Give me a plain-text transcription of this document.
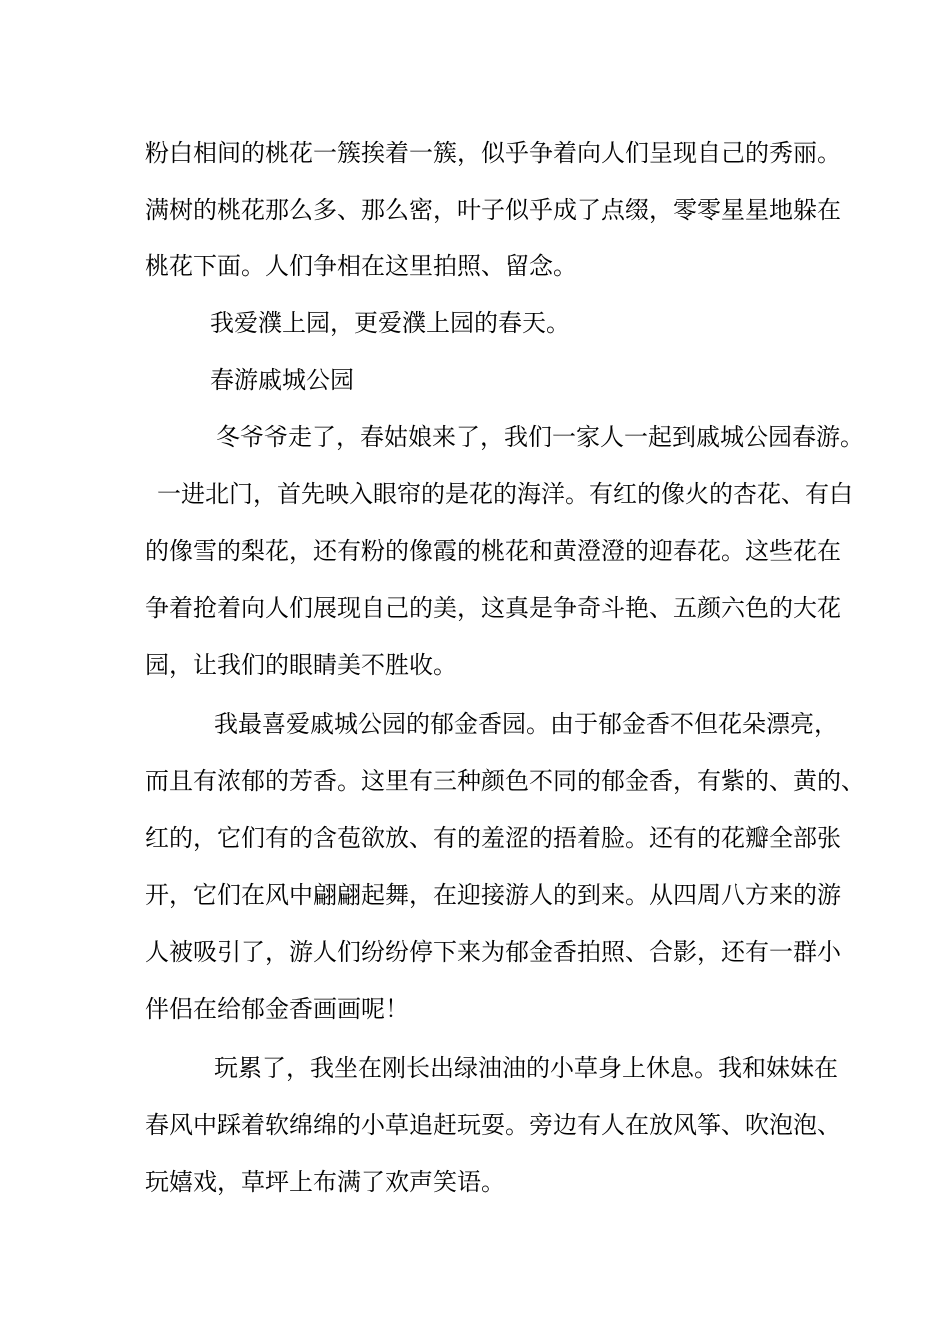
粉白相间的桃花一簇挨着一簇，似乎争着向人们呈现自己的秀丽。
满树的桃花那么多、那么密，叶子似乎成了点缀，零零星星地躲在
桃花下面。人们争相在这里拍照、留念。
我爱濮上园，更爱濮上园的春天。
春游戚城公园
冬爷爷走了，春姑娘来了，我们一家人一起到戚城公园春游。
一进北门，首先映入眼帘的是花的海洋。有红的像火的杏花、有白
的像雪的梨花，还有粉的像霞的桃花和黄澄澄的迎春花。这些花在
争着抢着向人们展现自己的美，这真是争奇斗艳、五颜六色的大花
园，让我们的眼睛美不胜收。
我最喜爱戚城公园的郁金香园。由于郁金香不但花朵漂亮，
而且有浓郁的芳香。这里有三种颜色不同的郁金香，有紫的、黄的、
红的，它们有的含苞欲放、有的羞涩的捂着脸。还有的花瓣全部张
开，它们在风中翩翩起舞，在迎接游人的到来。从四周八方来的游
人被吸引了，游人们纷纷停下来为郁金香拍照、合影，还有一群小
伴侣在给郁金香画画呢！
玩累了，我坐在刚长出绿油油的小草身上休息。我和妹妹在
春风中踩着软绵绵的小草追赶玩耍。旁边有人在放风筝、吹泡泡、
玩嬉戏，草坪上布满了欢声笑语。
